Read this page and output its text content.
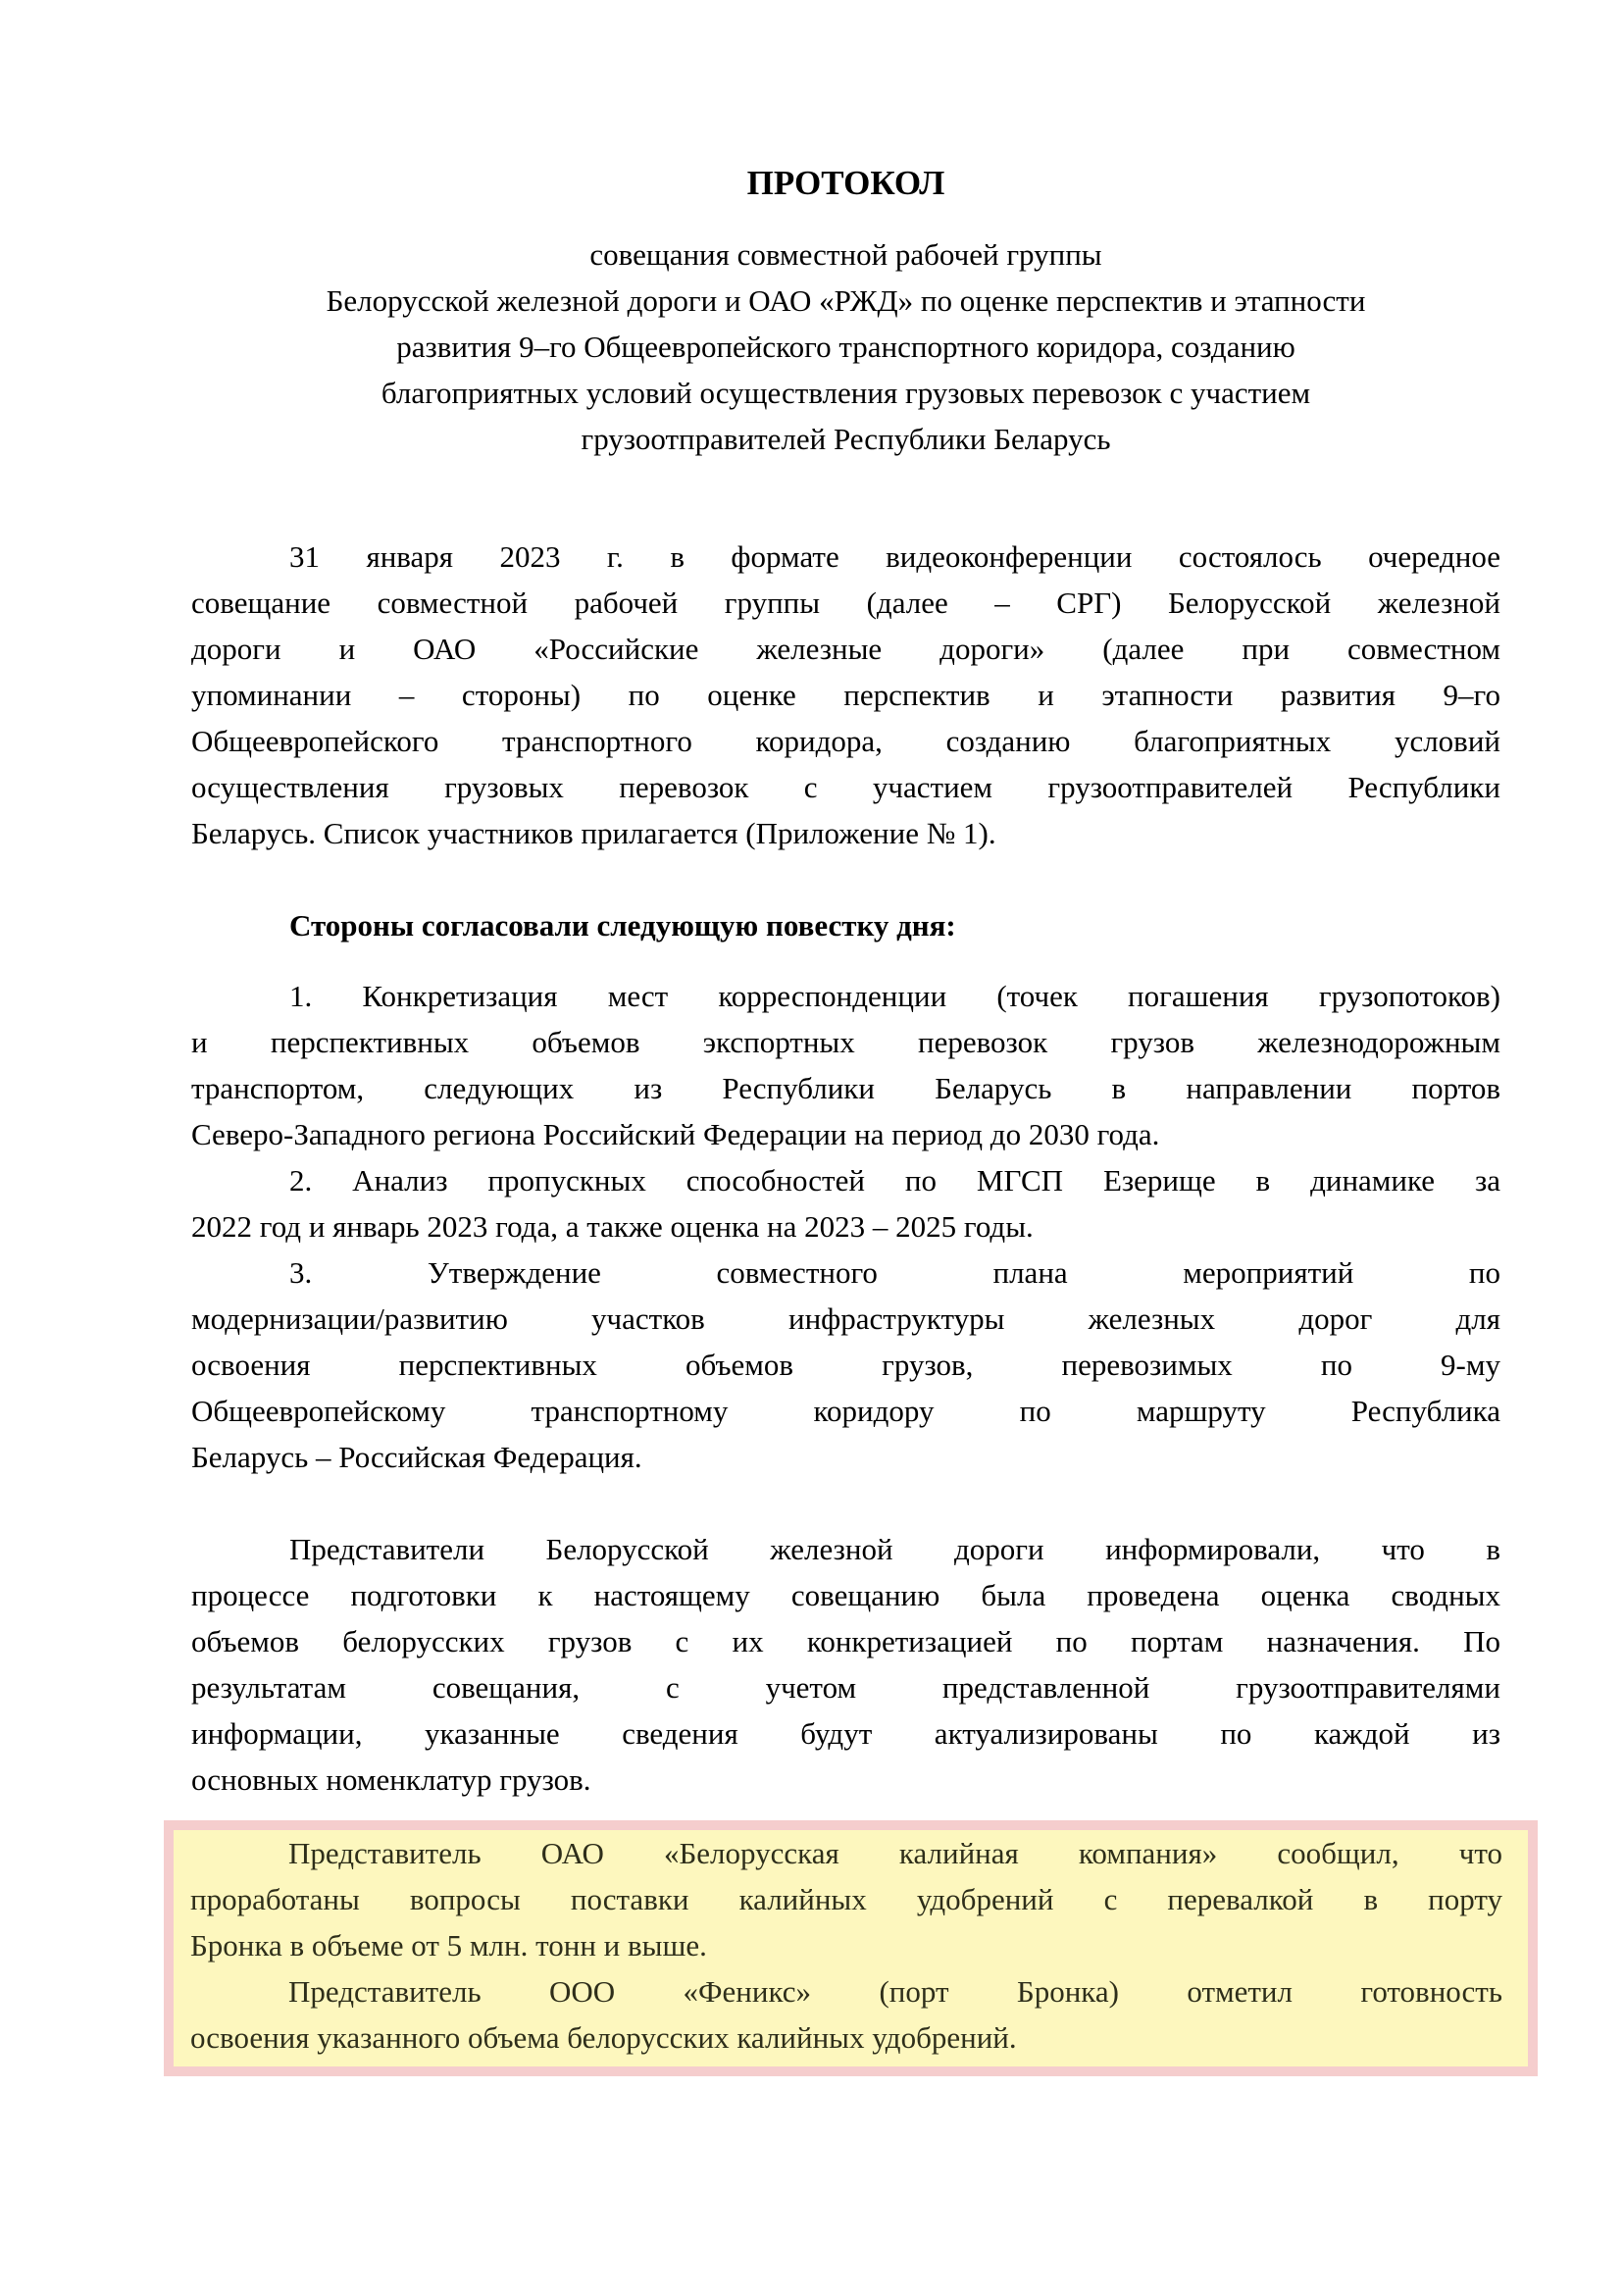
ПРОТОКОЛ
совещания совместной рабочей группы
Белорусской железной дороги и ОАО «РЖД» по оценке перспектив и этапности
развития 9–го Общеевропейского транспортного коридора, созданию
благоприятных условий осуществления грузовых перевозок с участием
грузоотправителей Республики Беларусь
31 января 2023 г. в формате видеоконференции состоялось очередное
совещание совместной рабочей группы (далее – СРГ) Белорусской железной
дороги и ОАО «Российские железные дороги» (далее при совместном
упоминании – стороны) по оценке перспектив и этапности развития 9–го
Общеевропейского транспортного коридора, созданию благоприятных условий
осуществления грузовых перевозок с участием грузоотправителей Республики
Беларусь. Список участников прилагается (Приложение № 1).
Стороны согласовали следующую повестку дня:
1. Конкретизация мест корреспонденции (точек погашения грузопотоков)
и перспективных объемов экспортных перевозок грузов железнодорожным
транспортом, следующих из Республики Беларусь в направлении портов
Северо-Западного региона Российский Федерации на период до 2030 года.
2. Анализ пропускных способностей по МГСП Езерище в динамике за
2022 год и январь 2023 года, а также оценка на 2023 – 2025 годы.
3. Утверждение совместного плана мероприятий по
модернизации/развитию участков инфраструктуры железных дорог для
освоения перспективных объемов грузов, перевозимых по 9-му
Общеевропейскому транспортному коридору по маршруту Республика
Беларусь – Российская Федерация.
Представители Белорусской железной дороги информировали, что в
процессе подготовки к настоящему совещанию была проведена оценка сводных
объемов белорусских грузов с их конкретизацией по портам назначения. По
результатам совещания, с учетом представленной грузоотправителями
информации, указанные сведения будут актуализированы по каждой из
основных номенклатур грузов.
Представитель ОАО «Белорусская калийная компания» сообщил, что
проработаны вопросы поставки калийных удобрений с перевалкой в порту
Бронка в объеме от 5 млн. тонн и выше.
Представитель ООО «Феникс» (порт Бронка) отметил готовность
освоения указанного объема белорусских калийных удобрений.
